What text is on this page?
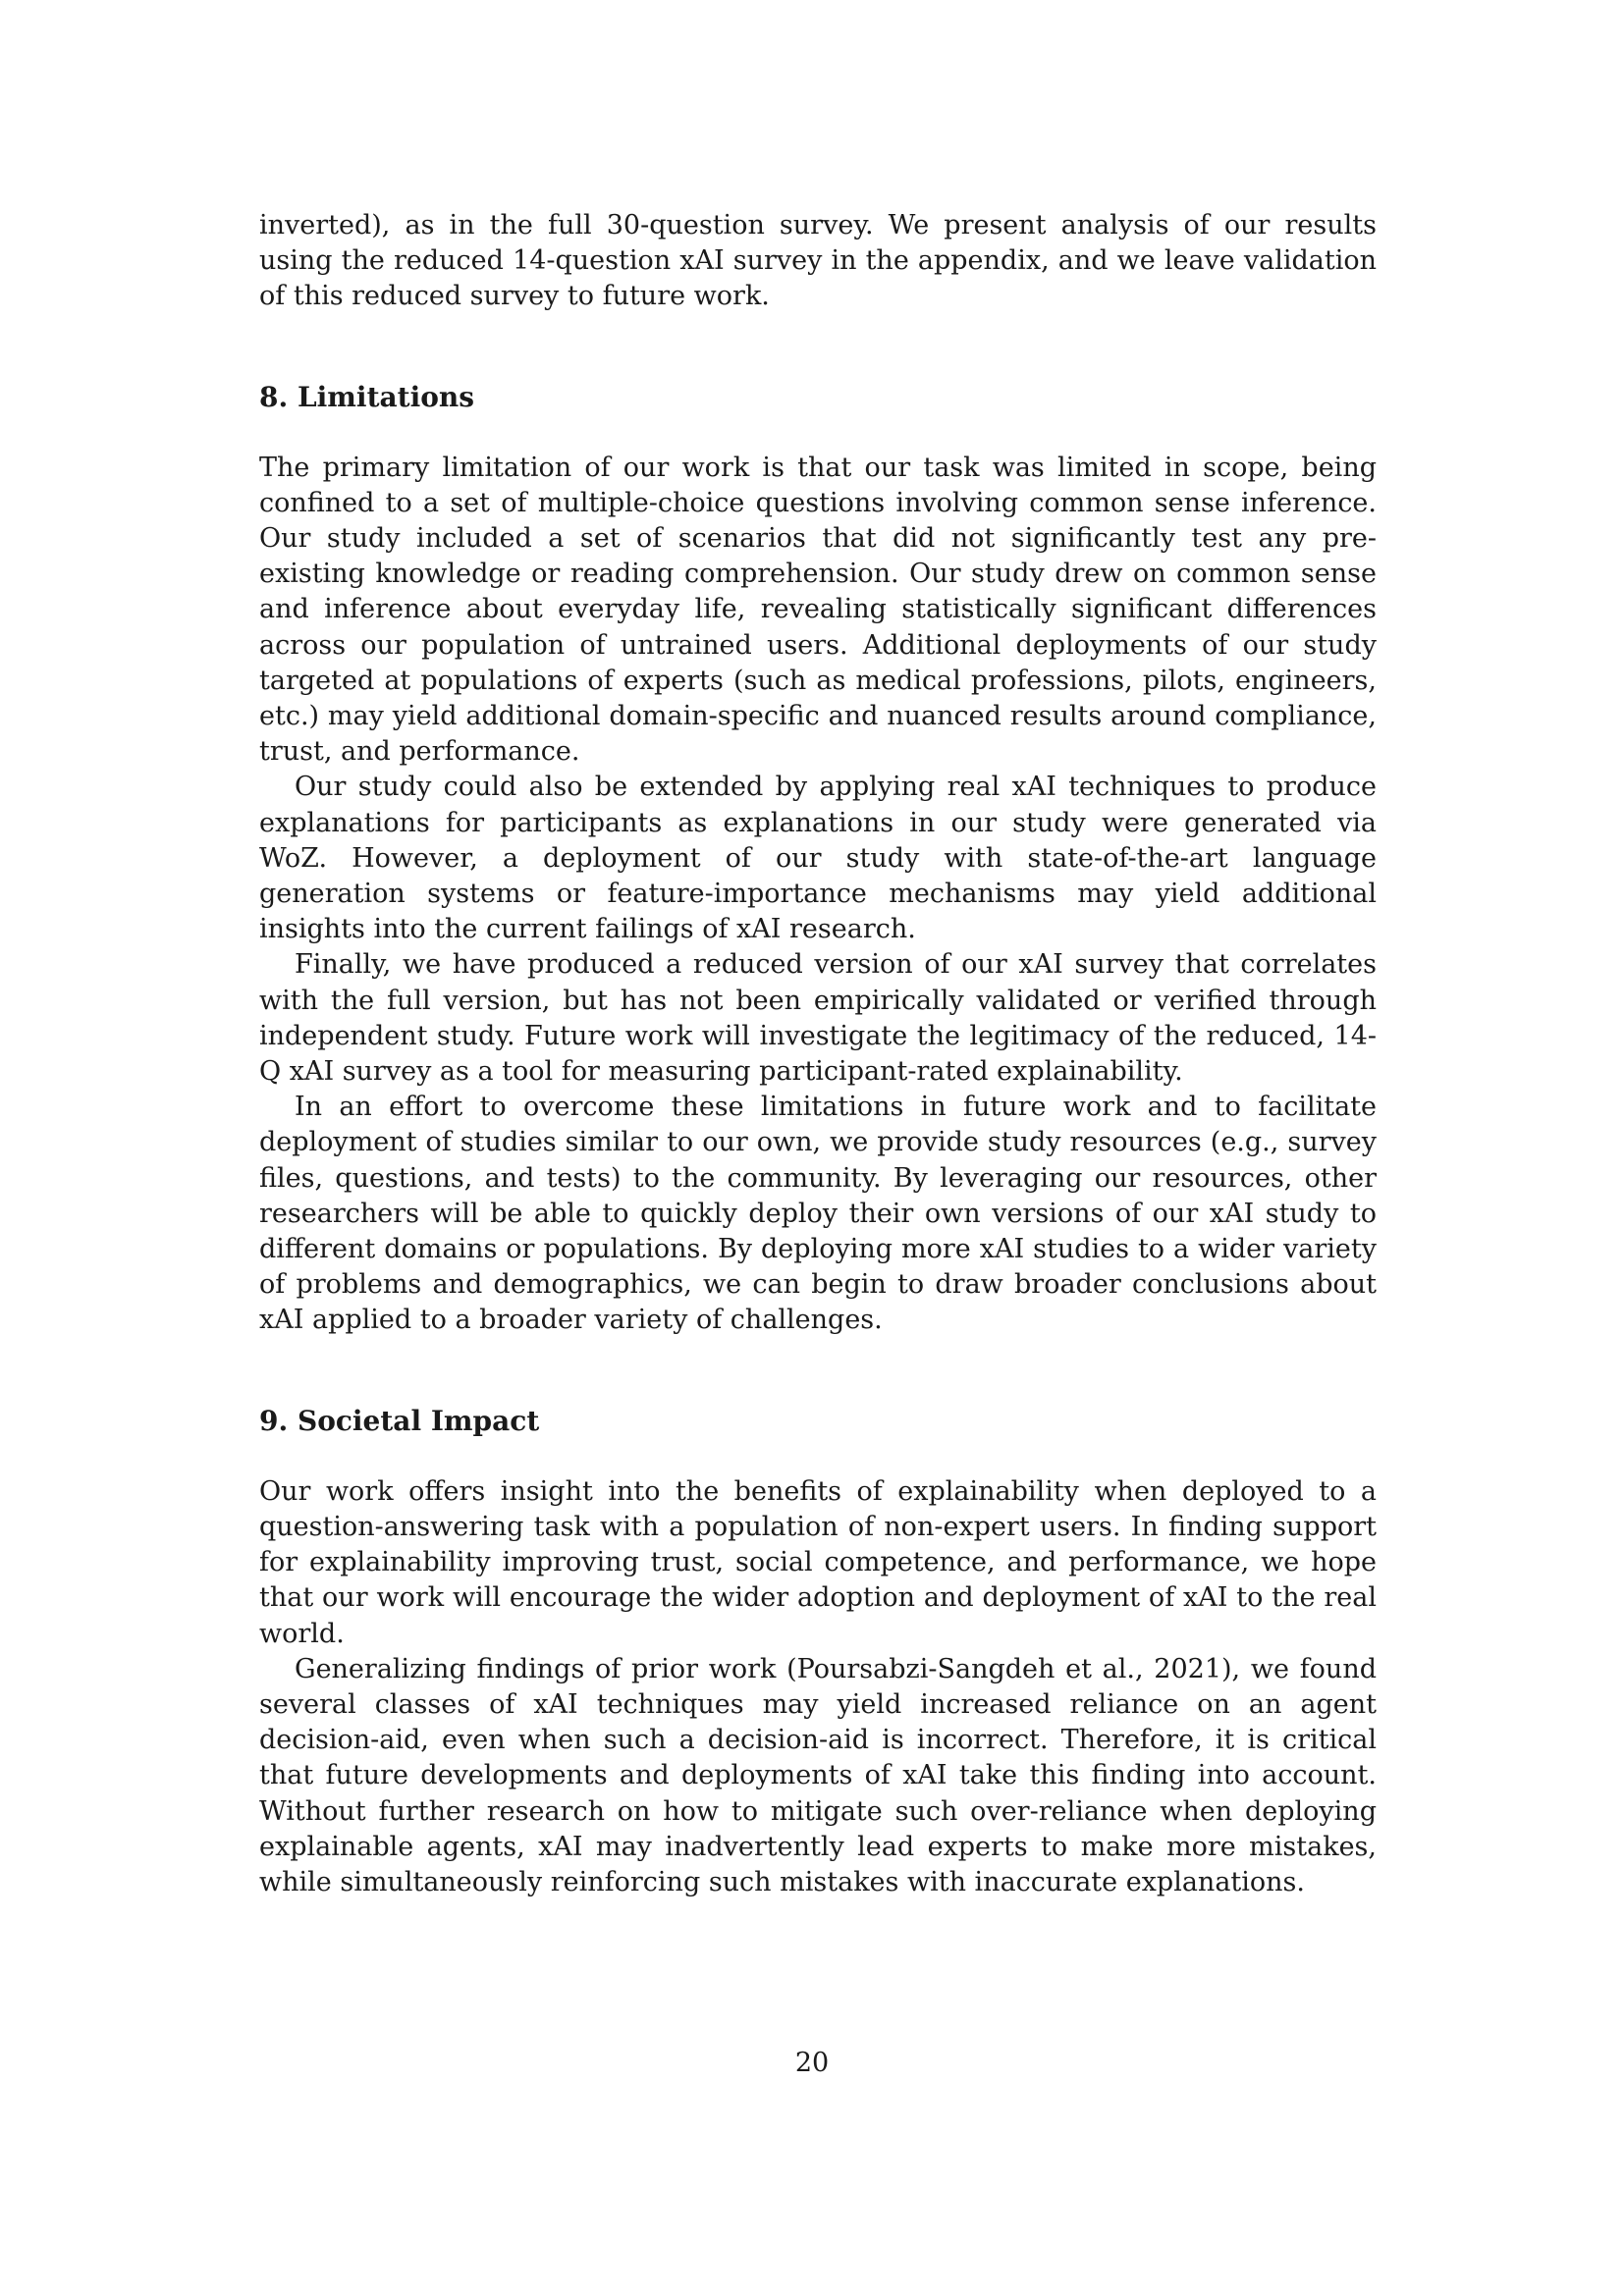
inverted), as in the full 30-question survey. We present analysis of our results using the reduced 14-question xAI survey in the appendix, and we leave validation of this reduced survey to future work.

8. Limitations

The primary limitation of our work is that our task was limited in scope, being confined to a set of multiple-choice questions involving common sense inference. Our study included a set of scenarios that did not significantly test any pre-existing knowledge or reading comprehension. Our study drew on common sense and inference about everyday life, revealing statistically significant differences across our population of untrained users. Additional deployments of our study targeted at populations of experts (such as medical professions, pilots, engineers, etc.) may yield additional domain-specific and nuanced results around compliance, trust, and performance.

Our study could also be extended by applying real xAI techniques to produce explanations for participants as explanations in our study were generated via WoZ. However, a deployment of our study with state-of-the-art language generation systems or feature-importance mechanisms may yield additional insights into the current failings of xAI research.

Finally, we have produced a reduced version of our xAI survey that correlates with the full version, but has not been empirically validated or verified through independent study. Future work will investigate the legitimacy of the reduced, 14-Q xAI survey as a tool for measuring participant-rated explainability.

In an effort to overcome these limitations in future work and to facilitate deployment of studies similar to our own, we provide study resources (e.g., survey files, questions, and tests) to the community. By leveraging our resources, other researchers will be able to quickly deploy their own versions of our xAI study to different domains or populations. By deploying more xAI studies to a wider variety of problems and demographics, we can begin to draw broader conclusions about xAI applied to a broader variety of challenges.

9. Societal Impact

Our work offers insight into the benefits of explainability when deployed to a question-answering task with a population of non-expert users. In finding support for explainability improving trust, social competence, and performance, we hope that our work will encourage the wider adoption and deployment of xAI to the real world.

Generalizing findings of prior work (Poursabzi-Sangdeh et al., 2021), we found several classes of xAI techniques may yield increased reliance on an agent decision-aid, even when such a decision-aid is incorrect. Therefore, it is critical that future developments and deployments of xAI take this finding into account. Without further research on how to mitigate such over-reliance when deploying explainable agents, xAI may inadvertently lead experts to make more mistakes, while simultaneously reinforcing such mistakes with inaccurate explanations.

20
